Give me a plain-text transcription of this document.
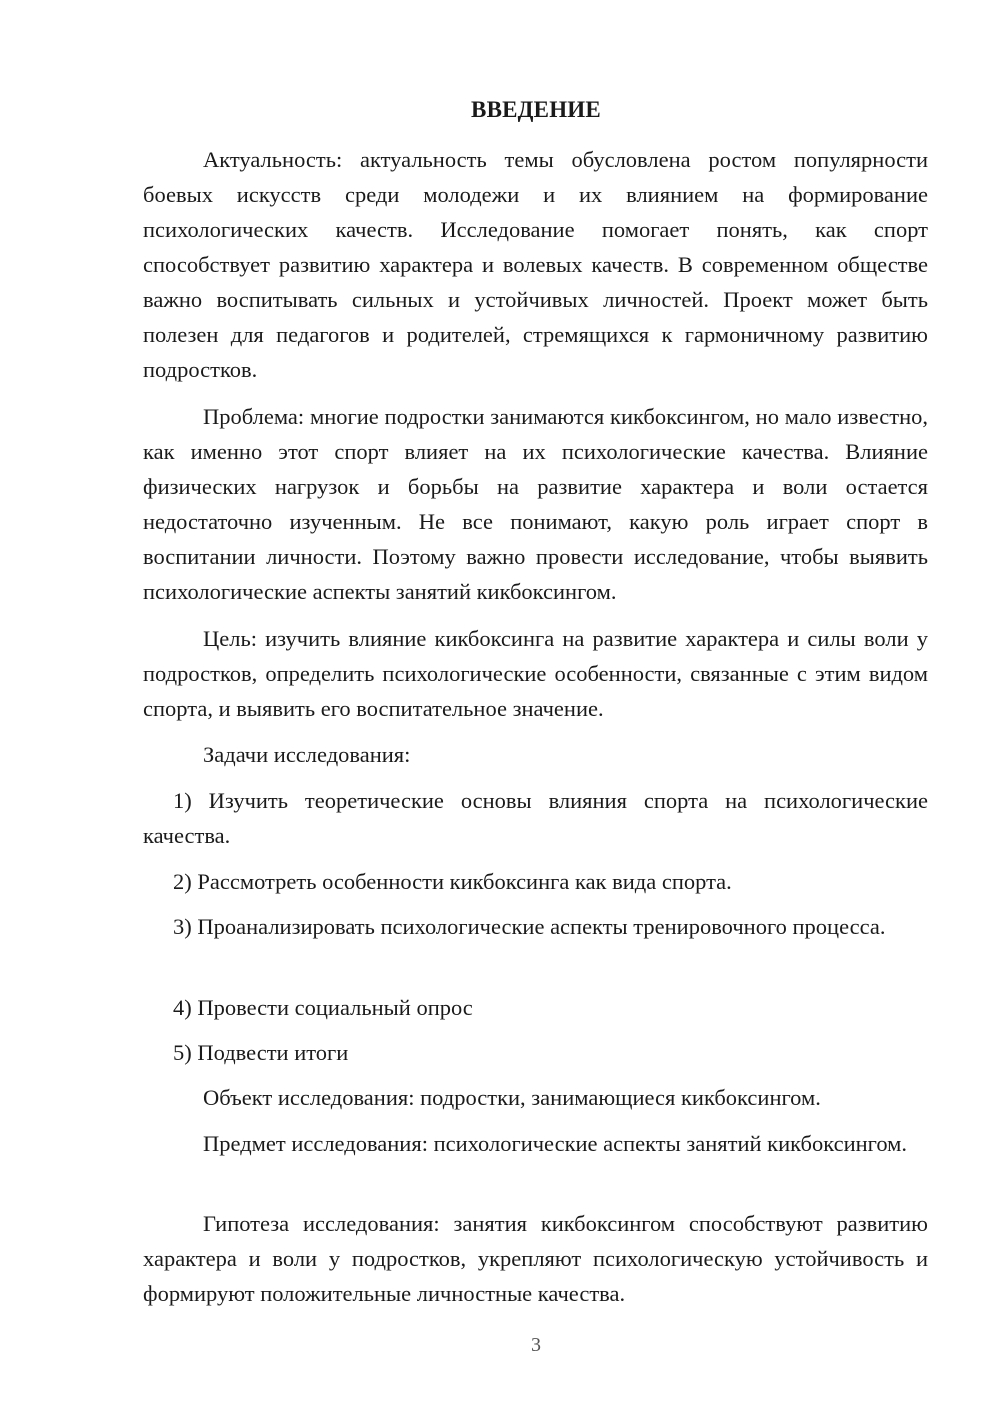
ВВЕДЕНИЕ

Актуальность: актуальность темы обусловлена ростом популярности боевых искусств среди молодежи и их влиянием на формирование психологических качеств. Исследование помогает понять, как спорт способствует развитию характера и волевых качеств. В современном обществе важно воспитывать сильных и устойчивых личностей. Проект может быть полезен для педагогов и родителей, стремящихся к гармоничному развитию подростков.

Проблема: многие подростки занимаются кикбоксингом, но мало известно, как именно этот спорт влияет на их психологические качества. Влияние физических нагрузок и борьбы на развитие характера и воли остается недостаточно изученным. Не все понимают, какую роль играет спорт в воспитании личности. Поэтому важно провести исследование, чтобы выявить психологические аспекты занятий кикбоксингом.

Цель: изучить влияние кикбоксинга на развитие характера и силы воли у подростков, определить психологические особенности, связанные с этим видом спорта, и выявить его воспитательное значение.

Задачи исследования:

1) Изучить теоретические основы влияния спорта на психологические качества.

2) Рассмотреть особенности кикбоксинга как вида спорта.

3) Проанализировать психологические аспекты тренировочного процесса.

4) Провести социальный опрос

5) Подвести итоги

Объект исследования: подростки, занимающиеся кикбоксингом.

Предмет исследования: психологические аспекты занятий кикбоксингом.

Гипотеза исследования: занятия кикбоксингом способствуют развитию характера и воли у подростков, укрепляют психологическую устойчивость и формируют положительные личностные качества.

3
